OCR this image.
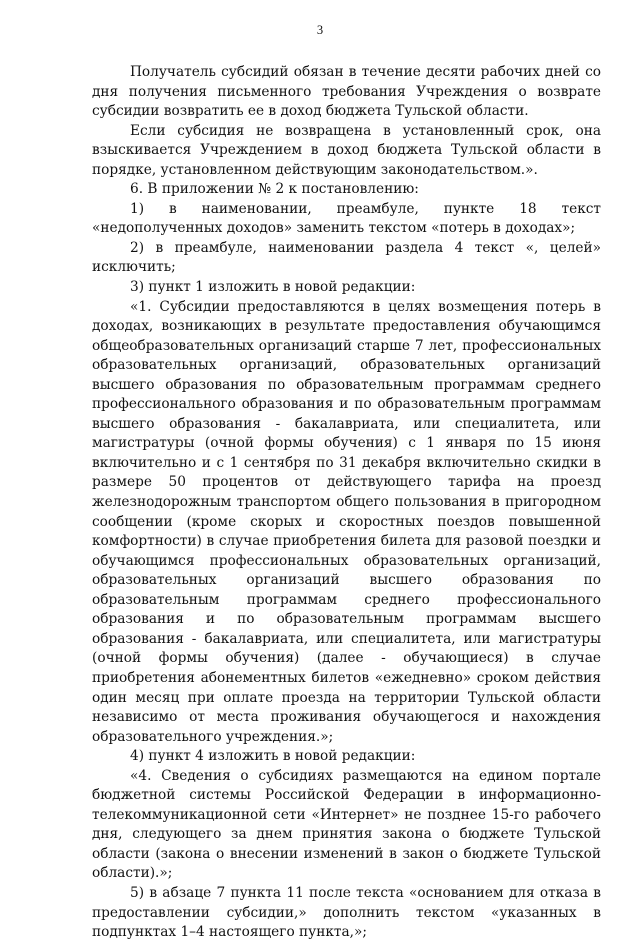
3

Получатель субсидий обязан в течение десяти рабочих дней со дня получения письменного требования Учреждения о возврате субсидии возвратить ее в доход бюджета Тульской области.

Если субсидия не возвращена в установленный срок, она взыскивается Учреждением в доход бюджета Тульской области в порядке, установленном действующим законодательством.».

6. В приложении № 2 к постановлению:

1) в наименовании, преамбуле, пункте 18 текст «недополученных доходов» заменить текстом «потерь в доходах»;

2) в преамбуле, наименовании раздела 4 текст «, целей» исключить;

3) пункт 1 изложить в новой редакции:

«1. Субсидии предоставляются в целях возмещения потерь в доходах, возникающих в результате предоставления обучающимся общеобразовательных организаций старше 7 лет, профессиональных образовательных организаций, образовательных организаций высшего образования по образовательным программам среднего профессионального образования и по образовательным программам высшего образования - бакалавриата, или специалитета, или магистратуры (очной формы обучения) с 1 января по 15 июня включительно и с 1 сентября по 31 декабря включительно скидки в размере 50 процентов от действующего тарифа на проезд железнодорожным транспортом общего пользования в пригородном сообщении (кроме скорых и скоростных поездов повышенной комфортности) в случае приобретения билета для разовой поездки и обучающимся профессиональных образовательных организаций, образовательных организаций высшего образования по образовательным программам среднего профессионального образования и по образовательным программам высшего образования - бакалавриата, или специалитета, или магистратуры (очной формы обучения) (далее - обучающиеся) в случае приобретения абонементных билетов «ежедневно» сроком действия один месяц при оплате проезда на территории Тульской области независимо от места проживания обучающегося и нахождения образовательного учреждения.»;

4) пункт 4 изложить в новой редакции:

«4. Сведения о субсидиях размещаются на едином портале бюджетной системы Российской Федерации в информационно-телекоммуникационной сети «Интернет» не позднее 15-го рабочего дня, следующего за днем принятия закона о бюджете Тульской области (закона о внесении изменений в закон о бюджете Тульской области).»;

5) в абзаце 7 пункта 11 после текста «основанием для отказа в предоставлении субсидии,» дополнить текстом «указанных в подпунктах 1–4 настоящего пункта,»;
